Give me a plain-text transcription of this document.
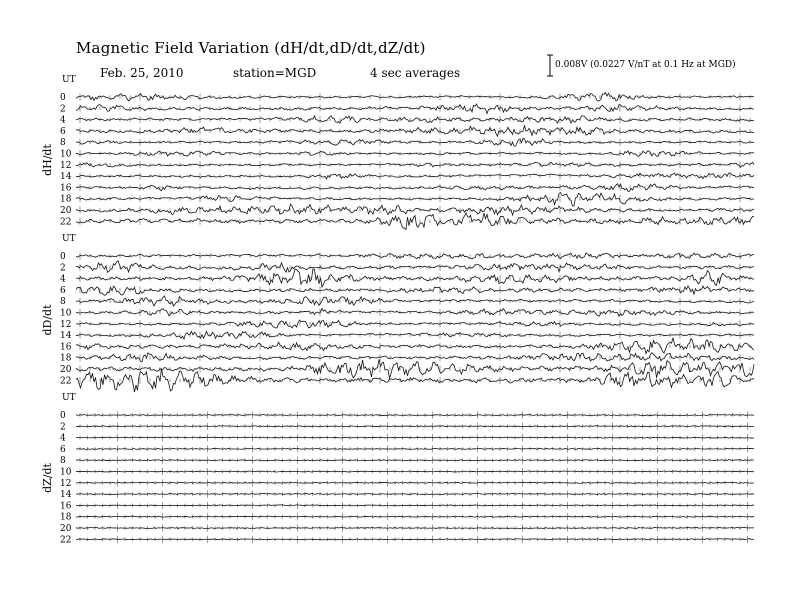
Magnetic Field Variation (dH/dt,dD/dt,dZ/dt)
Feb. 25, 2010	station=MGD	4 sec averages
0.008V (0.0227 V/nT at 0.1 Hz at MGD)
UT
dH/dt
0
2
4
6
8
10
12
14
16
18
20
22
UT
dD/dt
0
2
4
6
8
10
12
14
16
18
20
22
UT
dZ/dt
0
2
4
6
8
10
12
14
16
18
20
22
